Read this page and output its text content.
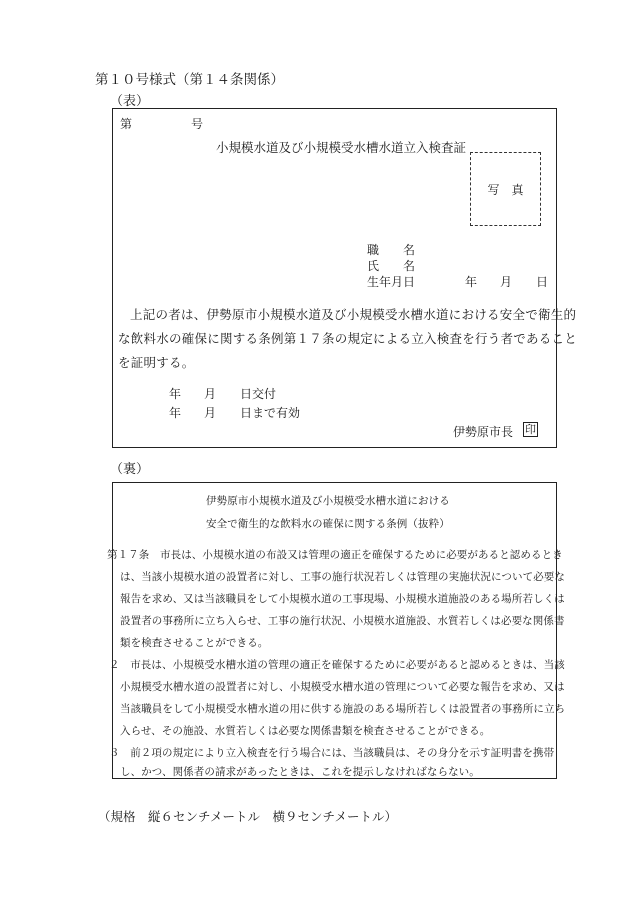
第１０号様式（第１４条関係）
（表）
第	号
小規模水道及び小規模受水槽水道立入検査証
写　真
職　　名
氏　　名
生年月日	年 月 日
上記の者は、伊勢原市小規模水道及び小規模受水槽水道における安全で衛生的
な飲料水の確保に関する条例第１７条の規定による立入検査を行う者であること
を証明する。
年 月 日交付
年 月 日まで有効
伊勢原市長 印
（裏）
伊勢原市小規模水道及び小規模受水槽水道における
安全で衛生的な飲料水の確保に関する条例（抜粋）
第１７条　市長は、小規模水道の布設又は管理の適正を確保するために必要があると認めるとき
は、当該小規模水道の設置者に対し、工事の施行状況若しくは管理の実施状況について必要な
報告を求め、又は当該職員をして小規模水道の工事現場、小規模水道施設のある場所若しくは
設置者の事務所に立ち入らせ、工事の施行状況、小規模水道施設、水質若しくは必要な関係書
類を検査させることができる。
２　市長は、小規模受水槽水道の管理の適正を確保するために必要があると認めるときは、当該
小規模受水槽水道の設置者に対し、小規模受水槽水道の管理について必要な報告を求め、又は
当該職員をして小規模受水槽水道の用に供する施設のある場所若しくは設置者の事務所に立ち
入らせ、その施設、水質若しくは必要な関係書類を検査させることができる。
３　前２項の規定により立入検査を行う場合には、当該職員は、その身分を示す証明書を携帯
し、かつ、関係者の請求があったときは、これを提示しなければならない。
（規格　縦６センチメートル　横９センチメートル）
